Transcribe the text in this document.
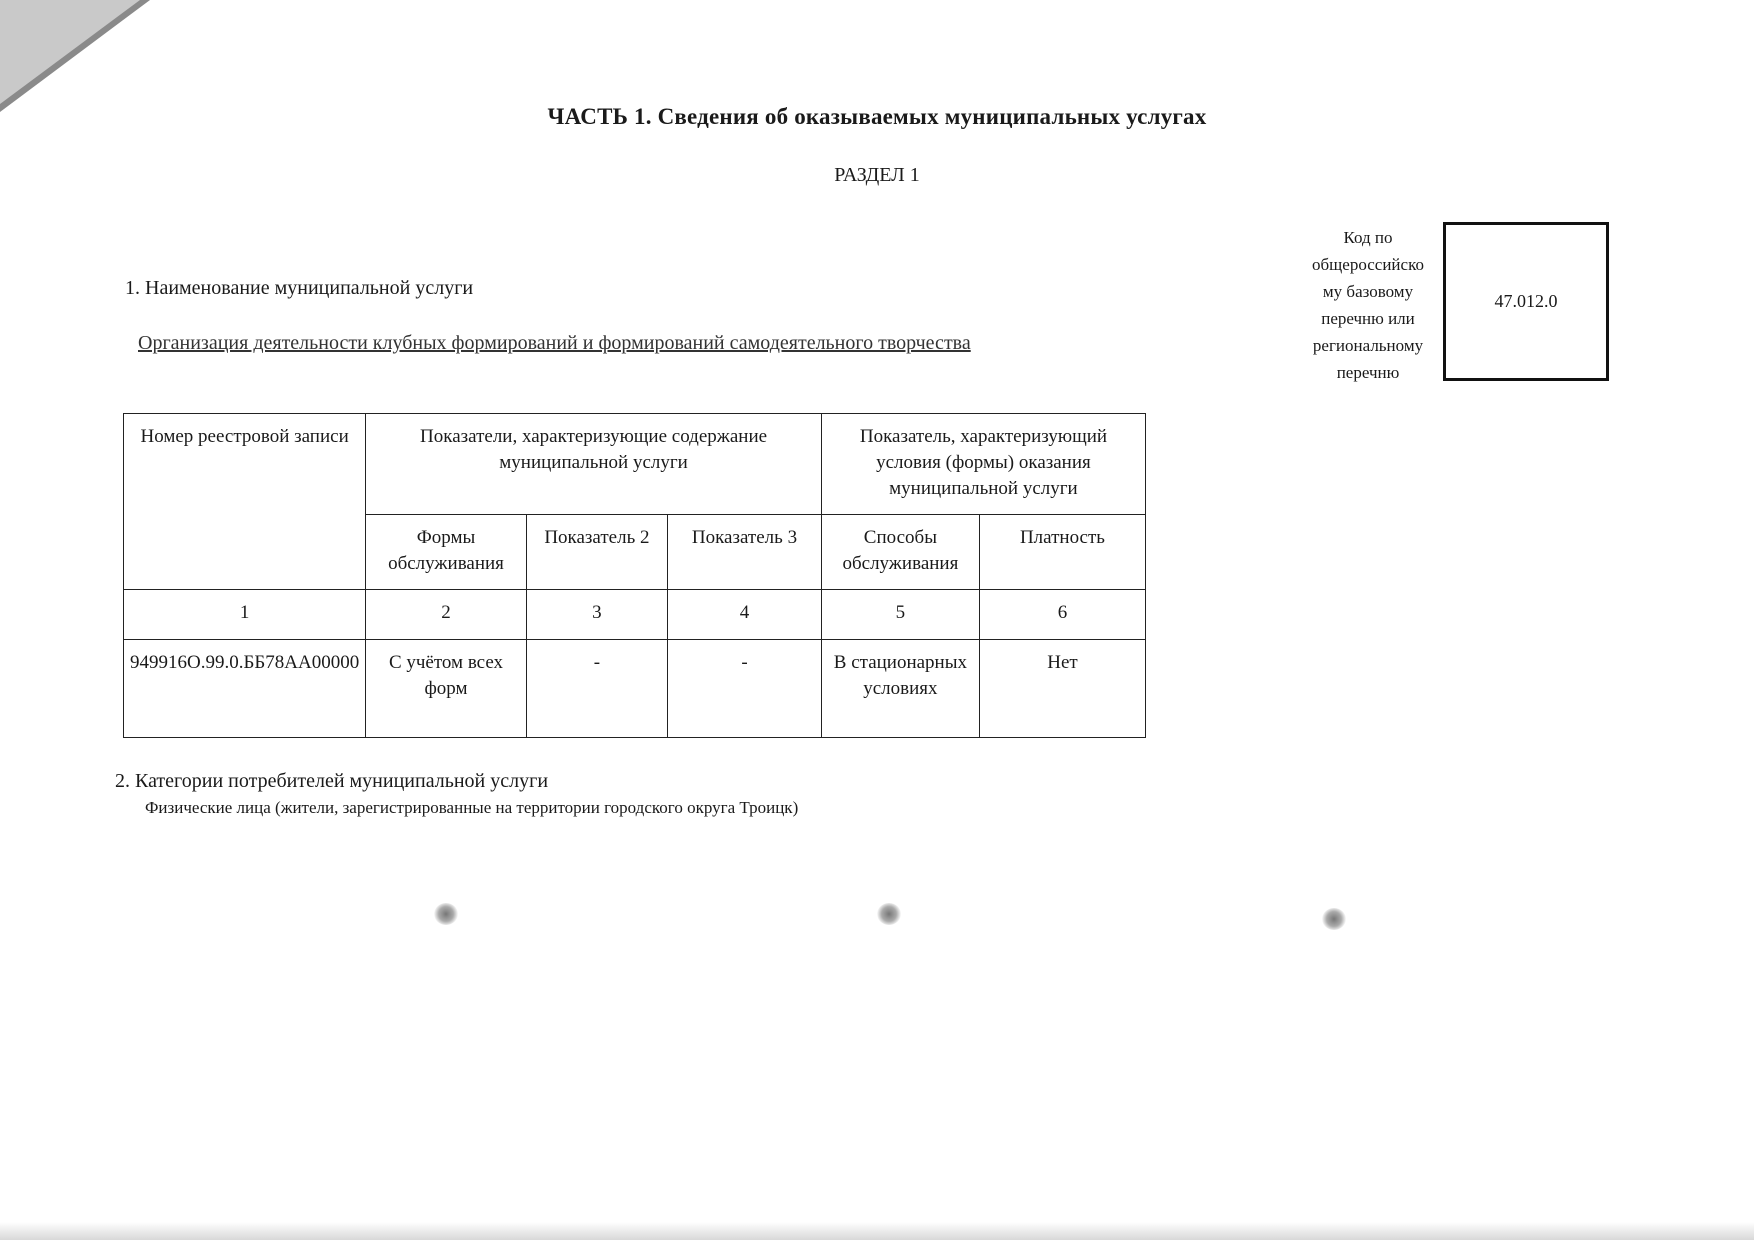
ЧАСТЬ 1. Сведения об оказываемых муниципальных услугах
РАЗДЕЛ 1
1. Наименование муниципальной услуги
Организация деятельности клубных формирований и формирований самодеятельного творчества
Код по
общероссийско
му базовому
перечню или
региональному
перечню
47.012.0
Номер реестровой записи	Показатели, характеризующие содержание муниципальной услуги			Показатель, характеризующий условия (формы) оказания муниципальной услуги	
	Формы обслуживания	Показатель 2	Показатель 3	Способы обслуживания	Платность
1	2	3	4	5	6
949916О.99.0.ББ78АА00000	С учётом всех форм	-	-	В стационарных условиях	Нет
2. Категории потребителей муниципальной услуги
Физические лица (жители, зарегистрированные на территории городского округа Троицк)
